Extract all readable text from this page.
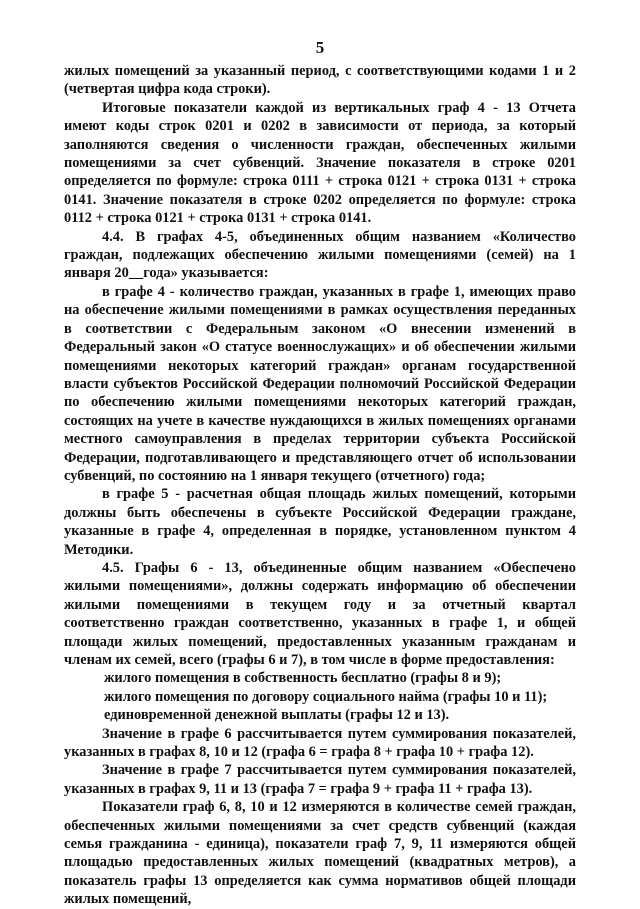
5

жилых помещений за указанный период, с соответствующими кодами 1 и 2 (четвертая цифра кода строки).

Итоговые показатели каждой из вертикальных граф 4 - 13 Отчета имеют коды строк 0201 и 0202 в зависимости от периода, за который заполняются сведения о численности граждан, обеспеченных жилыми помещениями за счет субвенций. Значение показателя в строке 0201 определяется по формуле: строка 0111 + строка 0121 + строка 0131 + строка 0141. Значение показателя в строке 0202 определяется по формуле: строка 0112 + строка 0121 + строка 0131 + строка 0141.

4.4. В графах 4-5, объединенных общим названием «Количество граждан, подлежащих обеспечению жилыми помещениями (семей) на 1 января 20__года» указывается:

в графе 4 - количество граждан, указанных в графе 1, имеющих право на обеспечение жилыми помещениями в рамках осуществления переданных в соответствии с Федеральным законом «О внесении изменений в Федеральный закон «О статусе военнослужащих» и об обеспечении жилыми помещениями некоторых категорий граждан» органам государственной власти субъектов Российской Федерации полномочий Российской Федерации по обеспечению жилыми помещениями некоторых категорий граждан, состоящих на учете в качестве нуждающихся в жилых помещениях органами местного самоуправления в пределах территории субъекта Российской Федерации, подготавливающего и представляющего отчет об использовании субвенций, по состоянию на 1 января текущего (отчетного) года;

в графе 5 - расчетная общая площадь жилых помещений, которыми должны быть обеспечены в субъекте Российской Федерации граждане, указанные в графе 4, определенная в порядке, установленном пунктом 4 Методики.

4.5. Графы 6 - 13, объединенные общим названием «Обеспечено жилыми помещениями», должны содержать информацию об обеспечении жилыми помещениями в текущем году и за отчетный квартал соответственно граждан соответственно, указанных в графе 1, и общей площади жилых помещений, предоставленных указанным гражданам и членам их семей, всего (графы 6 и 7), в том числе в форме предоставления:

жилого помещения в собственность бесплатно (графы 8 и 9);
жилого помещения по договору социального найма (графы 10 и 11);
единовременной денежной выплаты (графы 12 и 13).

Значение в графе 6 рассчитывается путем суммирования показателей, указанных в графах 8, 10 и 12 (графа 6 = графа 8 + графа 10 + графа 12).

Значение в графе 7 рассчитывается путем суммирования показателей, указанных в графах 9, 11 и 13 (графа 7 = графа 9 + графа 11 + графа 13).

Показатели граф 6, 8, 10 и 12 измеряются в количестве семей граждан, обеспеченных жилыми помещениями за счет средств субвенций (каждая семья гражданина - единица), показатели граф 7, 9, 11 измеряются общей площадью предоставленных жилых помещений (квадратных метров), а показатель графы 13 определяется как сумма нормативов общей площади жилых помещений,
